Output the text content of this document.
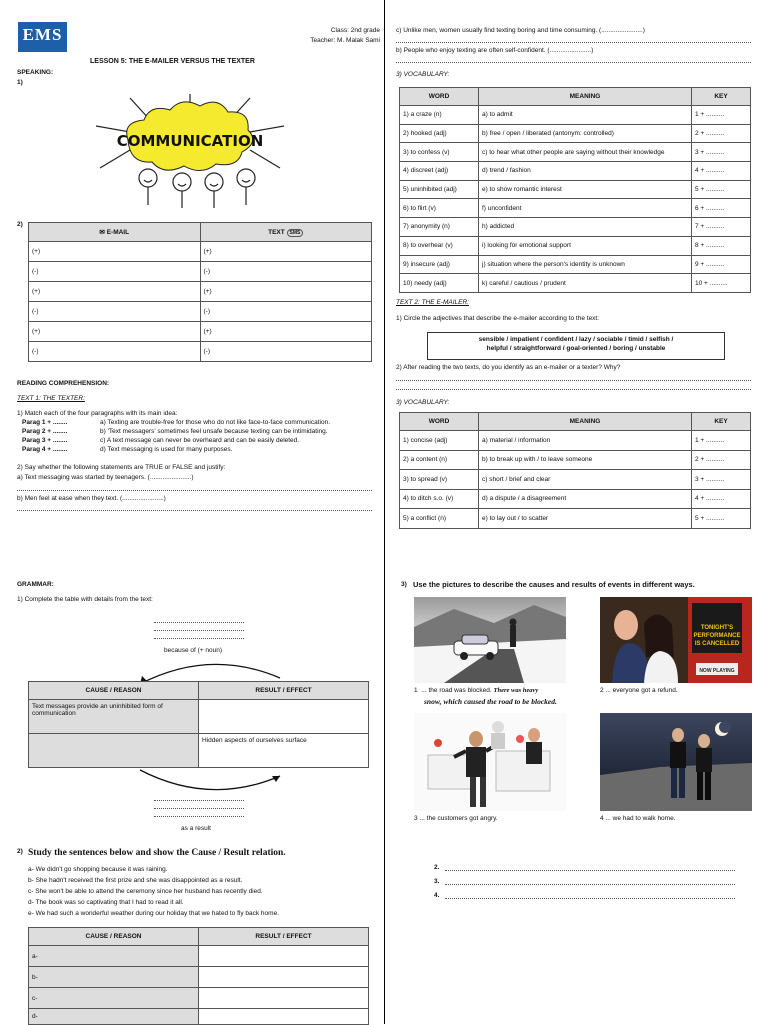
EMS	Class: 2nd grade
Teacher: M. Malak Sami
LESSON 5: THE E-MAILER VERSUS THE TEXTER
SPEAKING:
1)
COMMUNICATION
2)
✉ E-MAIL	TEXT SMS
(+)	(+)
(-)	(-)
(+)	(+)
(-)	(-)
(+)	(+)
(-)	(-)
READING COMPREHENSION:
TEXT 1: THE TEXTER:
1) Match each of the four paragraphs with its main idea:
Parag 1 + ........
Parag 2 + ........
Parag 3 + ........
Parag 4 + ........
a) Texting are trouble-free for those who do not like face-to-face communication.
b) 'Text messagers' sometimes feel unsafe because texting can be intimidating.
c) A text message can never be overheard and can be easily deleted.
d) Text messaging is used for many purposes.
2) Say whether the following statements are TRUE or FALSE and justify:
a) Text messaging was started by teenagers. (.......................)
b) Men feel at ease when they text. (.......................)
c) Unlike men, women usually find texting boring and time consuming. (.......................)
b) People who enjoy texting are often self-confident. (.......................)
3) VOCABULARY:
WORD	MEANING	KEY
1) a craze (n)	a) to admit	1 + ..........
2) hooked (adj)	b) free / open / liberated (antonym: controlled)	2 + ..........
3) to confess (v)	c) to hear what other people are saying without their knowledge	3 + ..........
4) discreet (adj)	d) trend / fashion	4 + ..........
5) uninhibited (adj)	e) to show romantic interest	5 + ..........
6) to flirt (v)	f) unconfident	6 + ..........
7) anonymity (n)	h) addicted	7 + ..........
8) to overhear (v)	i) looking for emotional support	8 + ..........
9) insecure (adj)	j) situation where the person's identity is unknown	9 + ..........
10) needy (adj)	k) careful / cautious / prudent	10 + ..........
TEXT 2: THE E-MAILER:
1) Circle the adjectives that describe the e-mailer according to the text:
sensible / impatient / confident / lazy / sociable / timid / selfish /
helpful / straightforward / goal-oriented / boring / unstable
2) After reading the two texts, do you identify as an e-mailer or a texter? Why?
3) VOCABULARY:
WORD	MEANING	KEY
1) concise (adj)	a) material / information	1 + ..........
2) a content (n)	b) to break up with / to leave someone	2 + ..........
3) to spread (v)	c) short / brief and clear	3 + ..........
4) to ditch s.o. (v)	d) a dispute / a disagreement	4 + ..........
5) a conflict (n)	e) to lay out / to scatter	5 + ..........
GRAMMAR:
1) Complete the table with details from the text:
because of (+ noun)
CAUSE / REASON	RESULT / EFFECT
Text messages provide an uninhibited form of communication	
	Hidden aspects of ourselves surface
as a result
2) Study the sentences below and show the Cause / Result relation.
a- We didn't go shopping because it was raining.
b- She hadn't received the first prize and she was disappointed as a result.
c- She won't be able to attend the ceremony since her husband has recently died.
d- The book was so captivating that I had to read it all.
e- We had such a wonderful weather during our holiday that we hated to fly back home.
CAUSE / REASON	RESULT / EFFECT
a-	
b-	
c-	
d-	
3) Use the pictures to describe the causes and results of events in different ways.
1 ... the road was blocked. There was heavy
snow, which caused the road to be blocked.
TONIGHT'S
PERFORMANCE
IS CANCELLED
NOW PLAYING
2 ... everyone got a refund.
3 ... the customers got angry.	4 ... we had to walk home.
2.
3.
4.
